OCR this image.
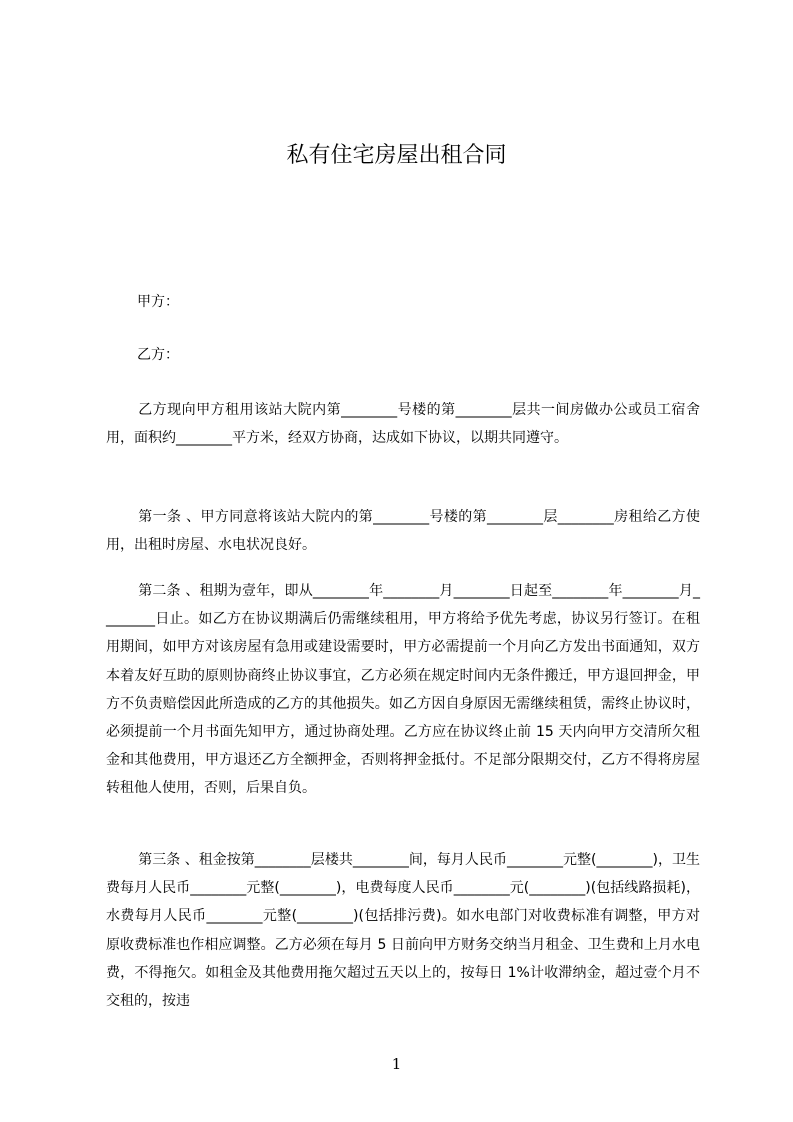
私有住宅房屋出租合同
甲方：
乙方：
乙方现向甲方租用该站大院内第________号楼的第________层共一间房做办公或员工宿舍用，面积约________平方米，经双方协商，达成如下协议，以期共同遵守。
第一条 、甲方同意将该站大院内的第________号楼的第________层________房租给乙方使用，出租时房屋、水电状况良好。
第二条 、租期为壹年，即从________年________月________日起至________年________月________日止。如乙方在协议期满后仍需继续租用，甲方将给予优先考虑，协议另行签订。在租用期间，如甲方对该房屋有急用或建设需要时，甲方必需提前一个月向乙方发出书面通知，双方本着友好互助的原则协商终止协议事宜，乙方必须在规定时间内无条件搬迁，甲方退回押金，甲方不负责赔偿因此所造成的乙方的其他损失。如乙方因自身原因无需继续租赁，需终止协议时，必须提前一个月书面先知甲方，通过协商处理。乙方应在协议终止前 15 天内向甲方交清所欠租金和其他费用，甲方退还乙方全额押金，否则将押金抵付。不足部分限期交付，乙方不得将房屋转租他人使用，否则，后果自负。
第三条 、租金按第________层楼共________间，每月人民币________元整(________)，卫生费每月人民币________元整(________)，电费每度人民币________元(________)(包括线路损耗)，水费每月人民币________元整(________)(包括排污费)。如水电部门对收费标准有调整，甲方对原收费标准也作相应调整。乙方必须在每月 5 日前向甲方财务交纳当月租金、卫生费和上月水电费，不得拖欠。如租金及其他费用拖欠超过五天以上的，按每日 1%计收滞纳金，超过壹个月不交租的，按违
1
